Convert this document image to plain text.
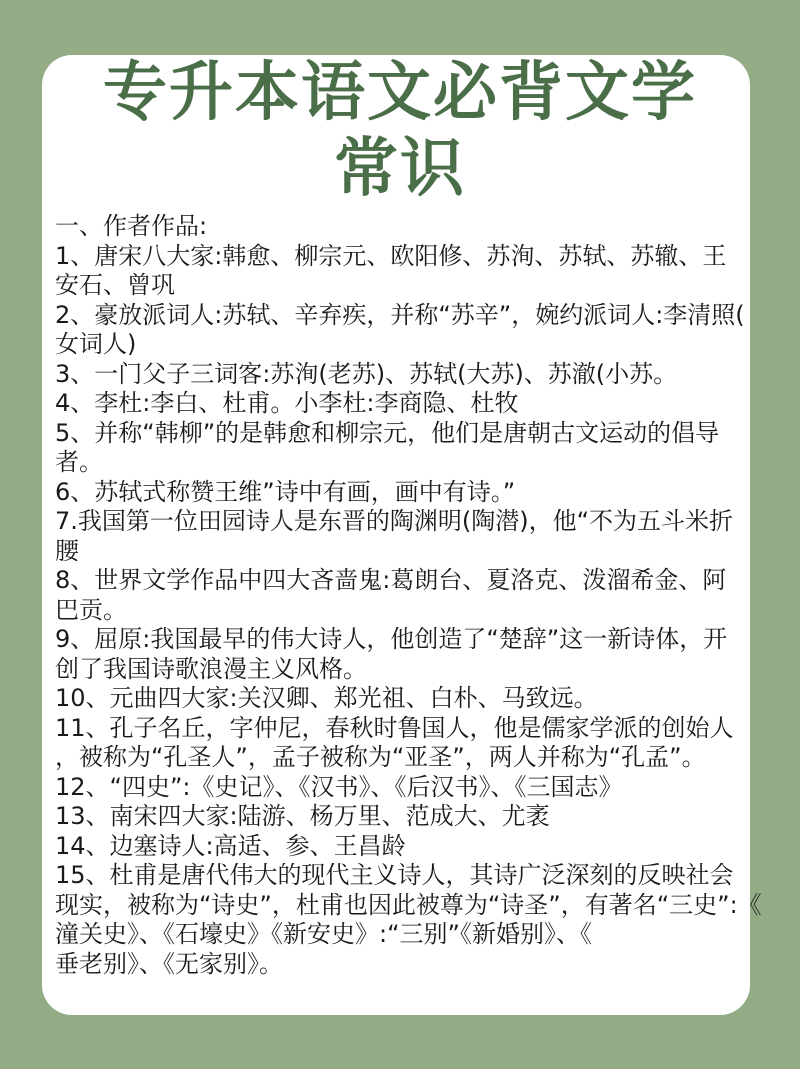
专升本语文必背文学
常识
一、作者作品:
1、唐宋八大家:韩愈、柳宗元、欧阳修、苏洵、苏轼、苏辙、王
安石、曾巩
2、豪放派词人:苏轼、辛弃疾，并称“苏辛”，婉约派词人:李清照(
女词人)
3、一门父子三词客:苏洵(老苏)、苏轼(大苏)、苏澈(小苏。
4、李杜:李白、杜甫。小李杜:李商隐、杜牧
5、并称“韩柳”的是韩愈和柳宗元，他们是唐朝古文运动的倡导
者。
6、苏轼式称赞王维”诗中有画，画中有诗。”
7.我国第一位田园诗人是东晋的陶渊明(陶潜)，他“不为五斗米折
腰
8、世界文学作品中四大吝啬鬼:葛朗台、夏洛克、泼溜希金、阿
巴贡。
9、屈原:我国最早的伟大诗人，他创造了“楚辞”这一新诗体，开
创了我国诗歌浪漫主义风格。
10、元曲四大家:关汉卿、郑光祖、白朴、马致远。
11、孔子名丘，字仲尼，春秋时鲁国人，他是儒家学派的创始人
，被称为“孔圣人”，孟子被称为“亚圣”，两人并称为“孔孟”。
12、“四史”:《史记》、《汉书》、《后汉书》、《三国志》
13、南宋四大家:陆游、杨万里、范成大、尤袤
14、边塞诗人:高适、参、王昌龄
15、杜甫是唐代伟大的现代主义诗人，其诗广泛深刻的反映社会
现实，被称为“诗史”，杜甫也因此被尊为“诗圣”，有著名“三史”:《
潼关史》、《石壕史》《新安史》:“三别”《新婚别》、《
垂老别》、《无家别》。
